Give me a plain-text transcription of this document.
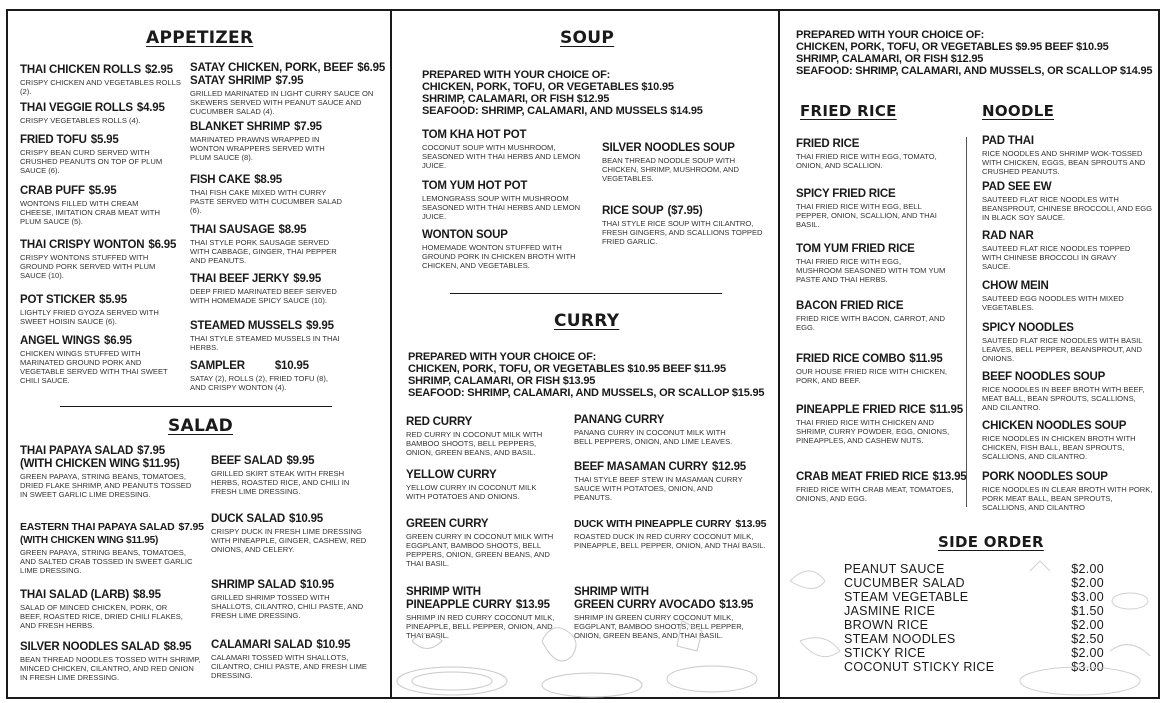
APPETIZER
THAI CHICKEN ROLLS $2.95
CRISPY CHICKEN AND VEGETABLES ROLLS (2).
THAI VEGGIE ROLLS $4.95
CRISPY VEGETABLES ROLLS (4).
FRIED TOFU $5.95
CRISPY BEAN CURD SERVED WITH CRUSHED PEANUTS ON TOP OF PLUM SAUCE (6).
CRAB PUFF $5.95
WONTONS FILLED WITH CREAM CHEESE, IMITATION CRAB MEAT WITH PLUM SAUCE (5).
THAI CRISPY WONTON $6.95
CRISPY WONTONS STUFFED WITH GROUND PORK SERVED WITH PLUM SAUCE (10).
POT STICKER $5.95
LIGHTLY FRIED GYOZA SERVED WITH SWEET HOISIN SAUCE (6).
ANGEL WINGS $6.95
CHICKEN WINGS STUFFED WITH MARINATED GROUND PORK AND VEGETABLE SERVED WITH THAI SWEET CHILI SAUCE.
SATAY CHICKEN, PORK, BEEF $6.95
SATAY SHRIMP $7.95
GRILLED MARINATED IN LIGHT CURRY SAUCE ON SKEWERS SERVED WITH PEANUT SAUCE AND CUCUMBER SALAD (4).
BLANKET SHRIMP $7.95
MARINATED PRAWNS WRAPPED IN WONTON WRAPPERS SERVED WITH PLUM SAUCE (8).
FISH CAKE $8.95
THAI FISH CAKE MIXED WITH CURRY PASTE SERVED WITH CUCUMBER SALAD (6).
THAI SAUSAGE $8.95
THAI STYLE PORK SAUSAGE SERVED WITH CABBAGE, GINGER, THAI PEPPER AND PEANUTS.
THAI BEEF JERKY $9.95
DEEP FRIED MARINATED BEEF SERVED WITH HOMEMADE SPICY SAUCE (10).
STEAMED MUSSELS $9.95
THAI STYLE STEAMED MUSSELS IN THAI HERBS.
SAMPLER	$10.95
SATAY (2), ROLLS (2), FRIED TOFU (8), AND CRISPY WONTON (4).
SALAD
THAI PAPAYA SALAD $7.95
(WITH CHICKEN WING $11.95)
GREEN PAPAYA, STRING BEANS, TOMATOES, DRIED FLAKE SHRIMP, AND PEANUTS TOSSED IN SWEET GARLIC LIME DRESSING.
EASTERN THAI PAPAYA SALAD $7.95
(WITH CHICKEN WING $11.95)
GREEN PAPAYA, STRING BEANS, TOMATOES, AND SALTED CRAB TOSSED IN SWEET GARLIC LIME DRESSING.
THAI SALAD (LARB) $8.95
SALAD OF MINCED CHICKEN, PORK, OR BEEF, ROASTED RICE, DRIED CHILI FLAKES, AND FRESH HERBS.
SILVER NOODLES SALAD $8.95
BEAN THREAD NOODLES TOSSED WITH SHRIMP, MINCED CHICKEN, CILANTRO, AND RED ONION IN FRESH LIME DRESSING.
BEEF SALAD $9.95
GRILLED SKIRT STEAK WITH FRESH HERBS, ROASTED RICE, AND CHILI IN FRESH LIME DRESSING.
DUCK SALAD $10.95
CRISPY DUCK IN FRESH LIME DRESSING WITH PINEAPPLE, GINGER, CASHEW, RED ONIONS, AND CELERY.
SHRIMP SALAD $10.95
GRILLED SHRIMP TOSSED WITH SHALLOTS, CILANTRO, CHILI PASTE, AND FRESH LIME DRESSING.
CALAMARI SALAD $10.95
CALAMARI TOSSED WITH SHALLOTS, CILANTRO, CHILI PASTE, AND FRESH LIME DRESSING.
SOUP
PREPARED WITH YOUR CHOICE OF:
CHICKEN, PORK, TOFU, OR VEGETABLES $10.95
SHRIMP, CALAMARI, OR FISH $12.95
SEAFOOD: SHRIMP, CALAMARI, AND MUSSELS $14.95
TOM KHA HOT POT
COCONUT SOUP WITH MUSHROOM, SEASONED WITH THAI HERBS AND LEMON JUICE.
TOM YUM HOT POT
LEMONGRASS SOUP WITH MUSHROOM SEASONED WITH THAI HERBS AND LEMON JUICE.
WONTON SOUP
HOMEMADE WONTON STUFFED WITH GROUND PORK IN CHICKEN BROTH WITH CHICKEN, AND VEGETABLES.
SILVER NOODLES SOUP
BEAN THREAD NOODLE SOUP WITH CHICKEN, SHRIMP, MUSHROOM, AND VEGETABLES.
RICE SOUP ($7.95)
THAI STYLE RICE SOUP WITH CILANTRO, FRESH GINGERS, AND SCALLIONS TOPPED FRIED GARLIC.
CURRY
PREPARED WITH YOUR CHOICE OF:
CHICKEN, PORK, TOFU, OR VEGETABLES $10.95 BEEF $11.95
SHRIMP, CALAMARI, OR FISH $13.95
SEAFOOD: SHRIMP, CALAMARI, AND MUSSELS, OR SCALLOP $15.95
RED CURRY
RED CURRY IN COCONUT MILK WITH BAMBOO SHOOTS, BELL PEPPERS, ONION, GREEN BEANS, AND BASIL.
YELLOW CURRY
YELLOW CURRY IN COCONUT MILK WITH POTATOES AND ONIONS.
GREEN CURRY
GREEN CURRY IN COCONUT MILK WITH EGGPLANT, BAMBOO SHOOTS, BELL PEPPERS, ONION, GREEN BEANS, AND THAI BASIL.
SHRIMP WITH
PINEAPPLE CURRY $13.95
SHRIMP IN RED CURRY COCONUT MILK, PINEAPPLE, BELL PEPPER, ONION, AND THAI BASIL.
PANANG CURRY
PANANG CURRY IN COCONUT MILK WITH BELL PEPPERS, ONION, AND LIME LEAVES.
BEEF MASAMAN CURRY $12.95
THAI STYLE BEEF STEW IN MASAMAN CURRY SAUCE WITH POTATOES, ONION, AND PEANUTS.
DUCK WITH PINEAPPLE CURRY $13.95
ROASTED DUCK IN RED CURRY COCONUT MILK, PINEAPPLE, BELL PEPPER, ONION, AND THAI BASIL.
SHRIMP WITH
GREEN CURRY AVOCADO $13.95
SHRIMP IN GREEN CURRY COCONUT MILK, EGGPLANT, BAMBOO SHOOTS, BELL PEPPER, ONION, GREEN BEANS, AND THAI BASIL.
PREPARED WITH YOUR CHOICE OF:
CHICKEN, PORK, TOFU, OR VEGETABLES $9.95 BEEF $10.95
SHRIMP, CALAMARI, OR FISH $12.95
SEAFOOD: SHRIMP, CALAMARI, AND MUSSELS, OR SCALLOP $14.95
FRIED RICE	NOODLE
FRIED RICE
THAI FRIED RICE WITH EGG, TOMATO, ONION, AND SCALLION.
SPICY FRIED RICE
THAI FRIED RICE WITH EGG, BELL PEPPER, ONION, SCALLION, AND THAI BASIL.
TOM YUM FRIED RICE
THAI FRIED RICE WITH EGG, MUSHROOM SEASONED WITH TOM YUM PASTE AND THAI HERBS.
BACON FRIED RICE
FRIED RICE WITH BACON, CARROT, AND EGG.
FRIED RICE COMBO $11.95
OUR HOUSE FRIED RICE WITH CHICKEN, PORK, AND BEEF.
PINEAPPLE FRIED RICE $11.95
THAI FRIED RICE WITH CHICKEN AND SHRIMP, CURRY POWDER, EGG, ONIONS, PINEAPPLES, AND CASHEW NUTS.
CRAB MEAT FRIED RICE $13.95
FRIED RICE WITH CRAB MEAT, TOMATOES, ONIONS, AND EGG.
PAD THAI
RICE NOODLES AND SHRIMP WOK-TOSSED WITH CHICKEN, EGGS, BEAN SPROUTS AND CRUSHED PEANUTS.
PAD SEE EW
SAUTEED FLAT RICE NOODLES WITH BEANSPROUT, CHINESE BROCCOLI, AND EGG IN BLACK SOY SAUCE.
RAD NAR
SAUTEED FLAT RICE NOODLES TOPPED WITH CHINESE BROCCOLI IN GRAVY SAUCE.
CHOW MEIN
SAUTEED EGG NOODLES WITH MIXED VEGETABLES.
SPICY NOODLES
SAUTEED FLAT RICE NOODLES WITH BASIL LEAVES, BELL PEPPER, BEANSPROUT, AND ONIONS.
BEEF NOODLES SOUP
RICE NOODLES IN BEEF BROTH WITH BEEF, MEAT BALL, BEAN SPROUTS, SCALLIONS, AND CILANTRO.
CHICKEN NOODLES SOUP
RICE NOODLES IN CHICKEN BROTH WITH CHICKEN, FISH BALL, BEAN SPROUTS, SCALLIONS, AND CILANTRO.
PORK NOODLES SOUP
RICE NOODLES IN CLEAR BROTH WITH PORK, PORK MEAT BALL, BEAN SPROUTS, SCALLIONS, AND CILANTRO
SIDE ORDER
PEANUT SAUCE	$2.00
CUCUMBER SALAD	$2.00
STEAM VEGETABLE	$3.00
JASMINE RICE	$1.50
BROWN RICE	$2.00
STEAM NOODLES	$2.50
STICKY RICE	$2.00
COCONUT STICKY RICE	$3.00
